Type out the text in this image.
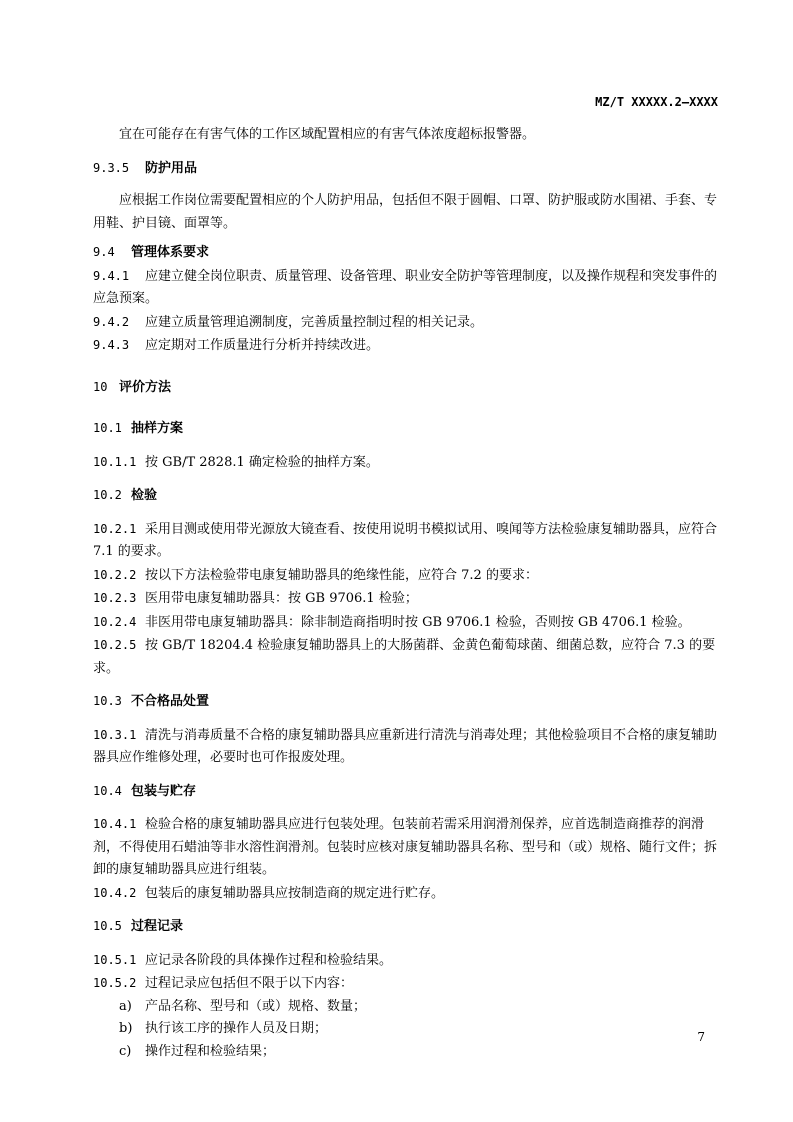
MZ/T XXXXX.2—XXXX

宜在可能存在有害气体的工作区域配置相应的有害气体浓度超标报警器。

9.3.5 防护用品

应根据工作岗位需要配置相应的个人防护用品，包括但不限于圆帽、口罩、防护服或防水围裙、手套、专用鞋、护目镜、面罩等。

9.4 管理体系要求

9.4.1 应建立健全岗位职责、质量管理、设备管理、职业安全防护等管理制度，以及操作规程和突发事件的应急预案。

9.4.2 应建立质量管理追溯制度，完善质量控制过程的相关记录。

9.4.3 应定期对工作质量进行分析并持续改进。

10 评价方法

10.1 抽样方案

10.1.1 按 GB/T 2828.1 确定检验的抽样方案。

10.2 检验

10.2.1 采用目测或使用带光源放大镜查看、按使用说明书模拟试用、嗅闻等方法检验康复辅助器具，应符合 7.1 的要求。

10.2.2 按以下方法检验带电康复辅助器具的绝缘性能，应符合 7.2 的要求：

10.2.3 医用带电康复辅助器具：按 GB 9706.1 检验；

10.2.4 非医用带电康复辅助器具：除非制造商指明时按 GB 9706.1 检验，否则按 GB 4706.1 检验。

10.2.5 按 GB/T 18204.4 检验康复辅助器具上的大肠菌群、金黄色葡萄球菌、细菌总数，应符合 7.3 的要求。

10.3 不合格品处置

10.3.1 清洗与消毒质量不合格的康复辅助器具应重新进行清洗与消毒处理；其他检验项目不合格的康复辅助器具应作维修处理，必要时也可作报废处理。

10.4 包装与贮存

10.4.1 检验合格的康复辅助器具应进行包装处理。包装前若需采用润滑剂保养，应首选制造商推荐的润滑剂，不得使用石蜡油等非水溶性润滑剂。包装时应核对康复辅助器具名称、型号和（或）规格、随行文件；拆卸的康复辅助器具应进行组装。

10.4.2 包装后的康复辅助器具应按制造商的规定进行贮存。

10.5 过程记录

10.5.1 应记录各阶段的具体操作过程和检验结果。

10.5.2 过程记录应包括但不限于以下内容：

a) 产品名称、型号和（或）规格、数量；

b) 执行该工序的操作人员及日期；

c) 操作过程和检验结果；

7
